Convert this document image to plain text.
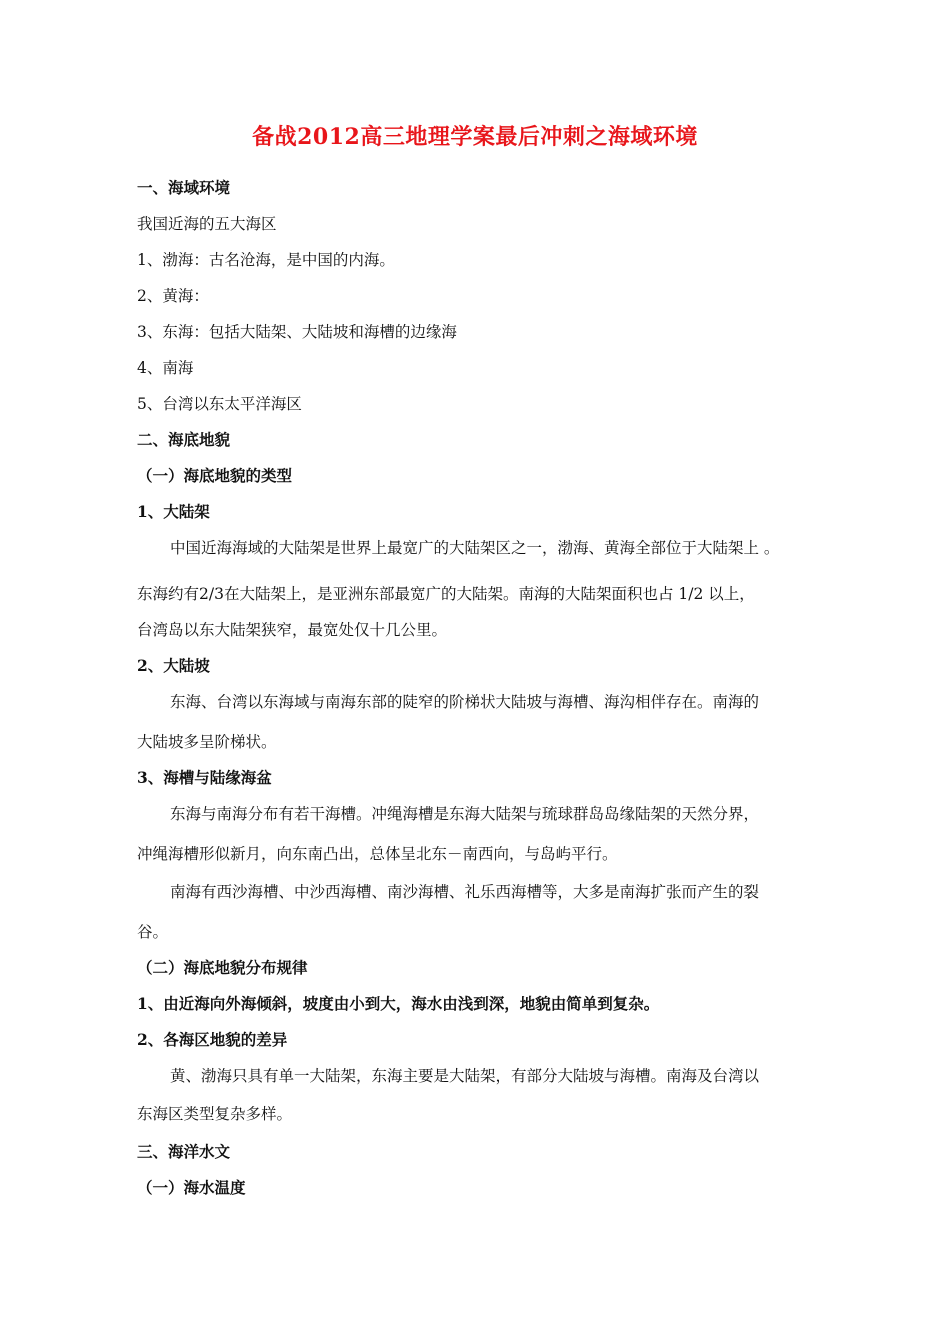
备战2012高三地理学案最后冲刺之海域环境
一、海域环境
我国近海的五大海区
1、渤海：古名沧海，是中国的内海。
2、黄海：
3、东海：包括大陆架、大陆坡和海槽的边缘海
4、南海
5、台湾以东太平洋海区
二、海底地貌
（一）海底地貌的类型
1、大陆架
中国近海海域的大陆架是世界上最宽广的大陆架区之一，渤海、黄海全部位于大陆架上 。
东海约有2/3在大陆架上，是亚洲东部最宽广的大陆架。南海的大陆架面积也占 1/2 以上，
台湾岛以东大陆架狭窄，最宽处仅十几公里。
2、大陆坡
东海、台湾以东海域与南海东部的陡窄的阶梯状大陆坡与海槽、海沟相伴存在。南海的
大陆坡多呈阶梯状。
3、海槽与陆缘海盆
东海与南海分布有若干海槽。冲绳海槽是东海大陆架与琉球群岛岛缘陆架的天然分界，
冲绳海槽形似新月，向东南凸出，总体呈北东－南西向，与岛屿平行。
南海有西沙海槽、中沙西海槽、南沙海槽、礼乐西海槽等，大多是南海扩张而产生的裂
谷。
（二）海底地貌分布规律
1、由近海向外海倾斜，坡度由小到大，海水由浅到深，地貌由简单到复杂。
2、各海区地貌的差异
黄、渤海只具有单一大陆架，东海主要是大陆架，有部分大陆坡与海槽。南海及台湾以
东海区类型复杂多样。
三、海洋水文
（一）海水温度
